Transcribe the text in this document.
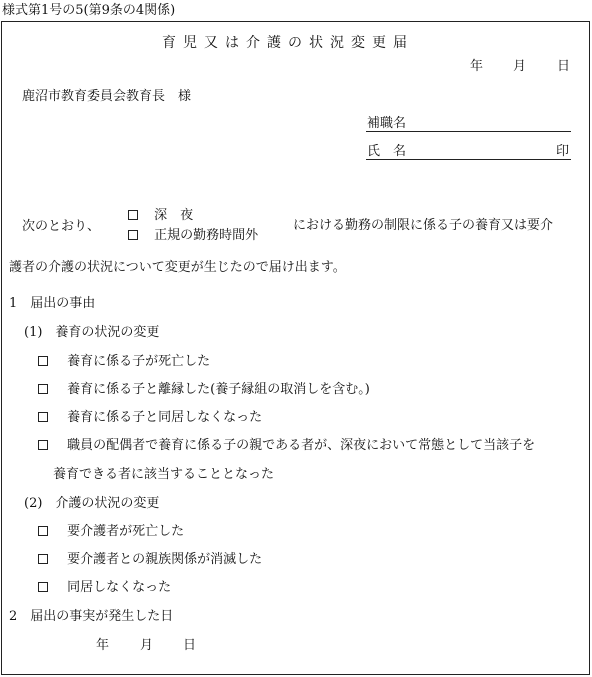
様式第1号の5(第9条の4関係)
育児又は介護の状況変更届
年 月 日
鹿沼市教育委員会教育長　様
補職名
氏　名	印
次のとおり、
深　夜
正規の勤務時間外
における勤務の制限に係る子の養育又は要介
護者の介護の状況について変更が生じたので届け出ます。
1　届出の事由
(1)　養育の状況の変更
養育に係る子が死亡した
養育に係る子と離縁した(養子縁組の取消しを含む。)
養育に係る子と同居しなくなった
職員の配偶者で養育に係る子の親である者が、深夜において常態として当該子を
養育できる者に該当することとなった
(2)　介護の状況の変更
要介護者が死亡した
要介護者との親族関係が消滅した
同居しなくなった
2　届出の事実が発生した日
年 月 日
